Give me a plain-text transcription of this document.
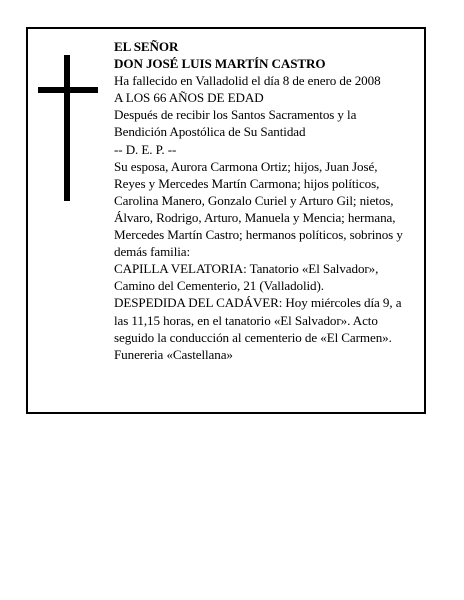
EL SEÑOR
DON JOSÉ LUIS MARTÍN CASTRO
Ha fallecido en Valladolid el día 8 de enero de 2008
A LOS 66 AÑOS DE EDAD
Después de recibir los Santos Sacramentos y la
Bendición Apostólica de Su Santidad
-- D. E. P. --
Su esposa, Aurora Carmona Ortiz; hijos, Juan José,
Reyes y Mercedes Martín Carmona; hijos políticos,
Carolina Manero, Gonzalo Curiel y Arturo Gil; nietos,
Álvaro, Rodrigo, Arturo, Manuela y Mencia; hermana,
Mercedes Martín Castro; hermanos políticos, sobrinos y
demás familia:
CAPILLA VELATORIA: Tanatorio «El Salvador»,
Camino del Cementerio, 21 (Valladolid).
DESPEDIDA DEL CADÁVER: Hoy miércoles día 9, a
las 11,15 horas, en el tanatorio «El Salvador». Acto
seguido la conducción al cementerio de «El Carmen».
Funereria «Castellana»
